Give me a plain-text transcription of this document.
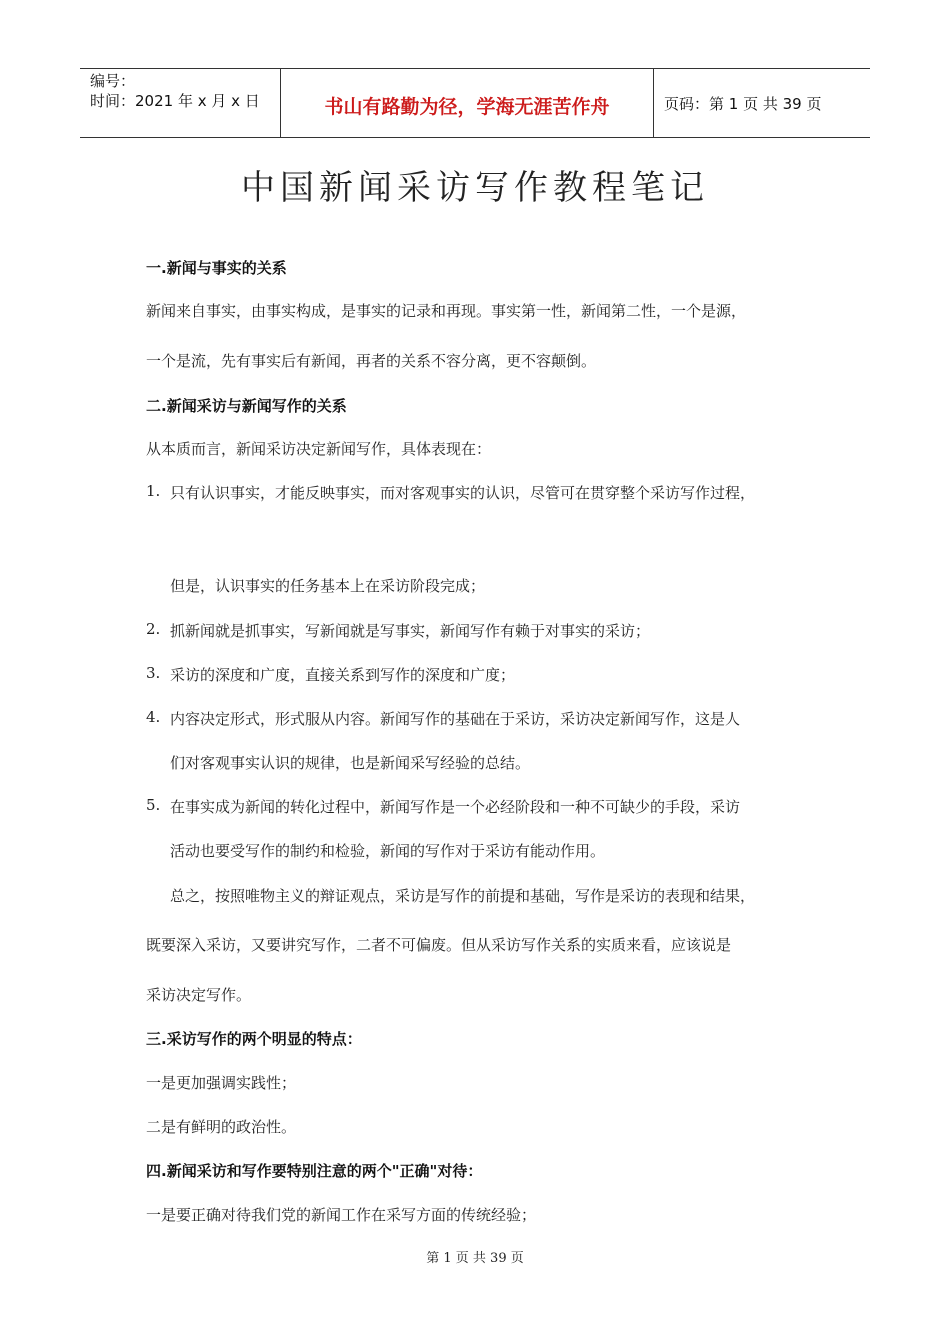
编号：
时间：2021 年 x 月 x 日	书山有路勤为径，学海无涯苦作舟	页码：第 1 页 共 39 页
中国新闻采访写作教程笔记
一.新闻与事实的关系
新闻来自事实，由事实构成，是事实的记录和再现。事实第一性，新闻第二性，一个是源，
一个是流，先有事实后有新闻，再者的关系不容分离，更不容颠倒。
二.新闻采访与新闻写作的关系
从本质而言，新闻采访决定新闻写作，具体表现在：
1. 只有认识事实，才能反映事实，而对客观事实的认识，尽管可在贯穿整个采访写作过程，
但是，认识事实的任务基本上在采访阶段完成；
2. 抓新闻就是抓事实，写新闻就是写事实，新闻写作有赖于对事实的采访；
3. 采访的深度和广度，直接关系到写作的深度和广度；
4. 内容决定形式，形式服从内容。新闻写作的基础在于采访，采访决定新闻写作，这是人
们对客观事实认识的规律，也是新闻采写经验的总结。
5. 在事实成为新闻的转化过程中，新闻写作是一个必经阶段和一种不可缺少的手段，采访
活动也要受写作的制约和检验，新闻的写作对于采访有能动作用。
总之，按照唯物主义的辩证观点，采访是写作的前提和基础，写作是采访的表现和结果，
既要深入采访，又要讲究写作，二者不可偏废。但从采访写作关系的实质来看，应该说是
采访决定写作。
三.采访写作的两个明显的特点：
一是更加强调实践性；
二是有鲜明的政治性。
四.新闻采访和写作要特别注意的两个"正确"对待：
一是要正确对待我们党的新闻工作在采写方面的传统经验；
第 1 页 共 39 页
